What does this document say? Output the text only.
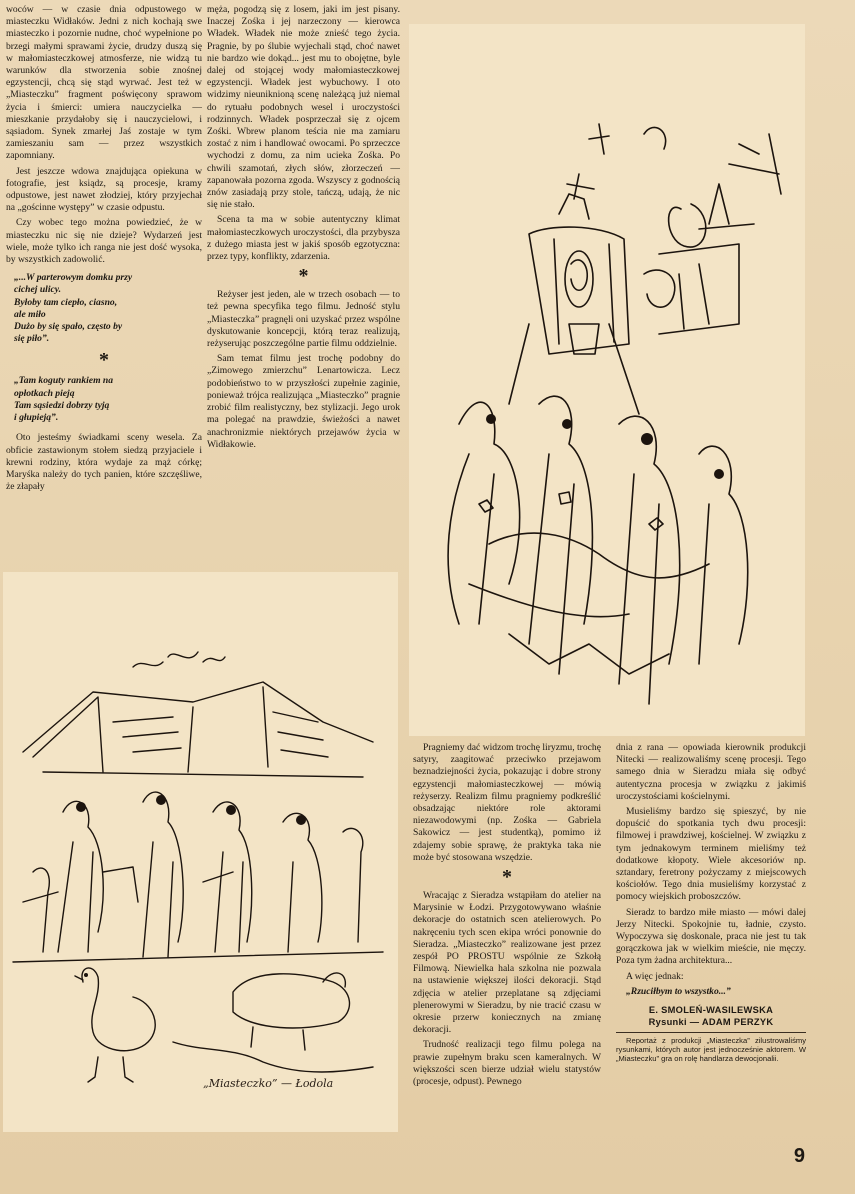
woców — w czasie dnia odpustowego w miasteczku Widłaków. Jedni z nich kochają swe miasteczko i pozornie nudne, choć wypełnione po brzegi małymi sprawami życie, drudzy duszą się w małomiasteczkowej atmosferze, nie widzą tu warunków dla stworzenia sobie znośnej egzystencji, chcą się stąd wyrwać. Jest też w „Miasteczku” fragment poświęcony sprawom życia i śmierci: umiera nauczycielka — mieszkanie przydałoby się i nauczycielowi, i sąsiadom. Synek zmarłej Jaś zostaje w tym zamieszaniu sam — przez wszystkich zapomniany.

Jest jeszcze wdowa znajdująca opiekuna w fotografie, jest ksiądz, są procesje, kramy odpustowe, jest nawet złodziej, który przyjechał na „gościnne występy” w czasie odpustu.

Czy wobec tego można powiedzieć, że w miasteczku nic się nie dzieje? Wydarzeń jest wiele, może tylko ich ranga nie jest dość wysoka, by wszystkich zadowolić.

„...W parterowym domku przy
cichej ulicy.
Byłoby tam ciepło, ciasno,
ale miło
Dużo by się spało, często by
się piło”.

*

„Tam koguty rankiem na
opłotkach pieją
Tam sąsiedzi dobrzy tyją
i głupieją”.

Oto jesteśmy świadkami sceny wesela. Za obficie zastawionym stołem siedzą przyjaciele i krewni rodziny, która wydaje za mąż córkę; Maryśka należy do tych panien, które szczęśliwe, że złapały

męża, pogodzą się z losem, jaki im jest pisany. Inaczej Zośka i jej narzeczony — kierowca Władek. Władek nie może znieść tego życia. Pragnie, by po ślubie wyjechali stąd, choć nawet nie bardzo wie dokąd... jest mu to obojętne, byle dalej od stojącej wody małomiasteczkowej egzystencji. Władek jest wybuchowy. I oto widzimy nieuniknioną scenę należącą już niemal do rytuału podobnych wesel i uroczystości rodzinnych. Władek posprzeczał się z ojcem Zośki. Wbrew planom teścia nie ma zamiaru zostać z nim i handlować owocami. Po sprzeczce wychodzi z domu, za nim ucieka Zośka. Po chwili szamotań, złych słów, złorzeczeń — zapanowała pozorna zgoda. Wszyscy z godnością znów zasiadają przy stole, tańczą, udają, że nic się nie stało.

Scena ta ma w sobie autentyczny klimat małomiasteczkowych uroczystości, dla przybysza z dużego miasta jest w jakiś sposób egzotyczna: przez typy, konflikty, zdarzenia.

*

Reżyser jest jeden, ale w trzech osobach — to też pewna specyfika tego filmu. Jedność stylu „Miasteczka” pragnęli oni uzyskać przez wspólne dyskutowanie koncepcji, którą teraz realizują, reżyserując poszczególne partie filmu oddzielnie.

Sam temat filmu jest trochę podobny do „Zimowego zmierzchu” Lenartowicza. Lecz podobieństwo to w przyszłości zupełnie zaginie, ponieważ trójca realizująca „Miasteczko” pragnie zrobić film realistyczny, bez stylizacji. Jego urok ma polegać na prawdzie, świeżości a nawet anachronizmie niektórych przejawów życia w Widłakowie.

„Miasteczko” — Łodola

Pragniemy dać widzom trochę liryzmu, trochę satyry, zaagitować przeciwko przejawom beznadziejności życia, pokazując i dobre strony egzystencji małomiasteczkowej — mówią reżyserzy. Realizm filmu pragniemy podkreślić obsadzając niektóre role aktorami niezawodowymi (np. Zośka — Gabriela Sakowicz — jest studentką), pomimo iż zdajemy sobie sprawę, że praktyka taka nie może być stosowana wszędzie.

*

Wracając z Sieradza wstąpiłam do atelier na Marysinie w Łodzi. Przygotowywano właśnie dekoracje do ostatnich scen atelierowych. Po nakręceniu tych scen ekipa wróci ponownie do Sieradza. „Miasteczko” realizowane jest przez zespół PO PROSTU wspólnie ze Szkołą Filmową. Niewielka hala szkolna nie pozwala na ustawienie większej ilości dekoracji. Stąd zdjęcia w atelier przeplatane są zdjęciami plenerowymi w Sieradzu, by nie tracić czasu w okresie przerw koniecznych na zmianę dekoracji.

Trudność realizacji tego filmu polega na prawie zupełnym braku scen kameralnych. W większości scen bierze udział wielu statystów (procesje, odpust). Pewnego

dnia z rana — opowiada kierownik produkcji Nitecki — realizowaliśmy scenę procesji. Tego samego dnia w Sieradzu miała się odbyć autentyczna procesja w związku z jakimiś uroczystościami kościelnymi.

Musieliśmy bardzo się spieszyć, by nie dopuścić do spotkania tych dwu procesji: filmowej i prawdziwej, kościelnej. W związku z tym jednakowym terminem mieliśmy też dodatkowe kłopoty. Wiele akcesoriów np. sztandary, feretrony pożyczamy z miejscowych kościołów. Tego dnia musieliśmy korzystać z pomocy wiejskich proboszczów.

Sieradz to bardzo miłe miasto — mówi dalej Jerzy Nitecki. Spokojnie tu, ładnie, czysto. Wypoczywa się doskonale, praca nie jest tu tak gorączkowa jak w wielkim mieście, nie męczy. Poza tym żadna architektura...

A więc jednak:

„Rzuciłbym to wszystko...”

E. SMOLEŃ-WASILEWSKA
Rysunki — ADAM PERZYK
Reportaż z produkcji „Miasteczka” zilustrowaliśmy rysunkami, których autor jest jednocześnie aktorem. W „Miasteczku” gra on rolę handlarza dewocjonalii.
9
